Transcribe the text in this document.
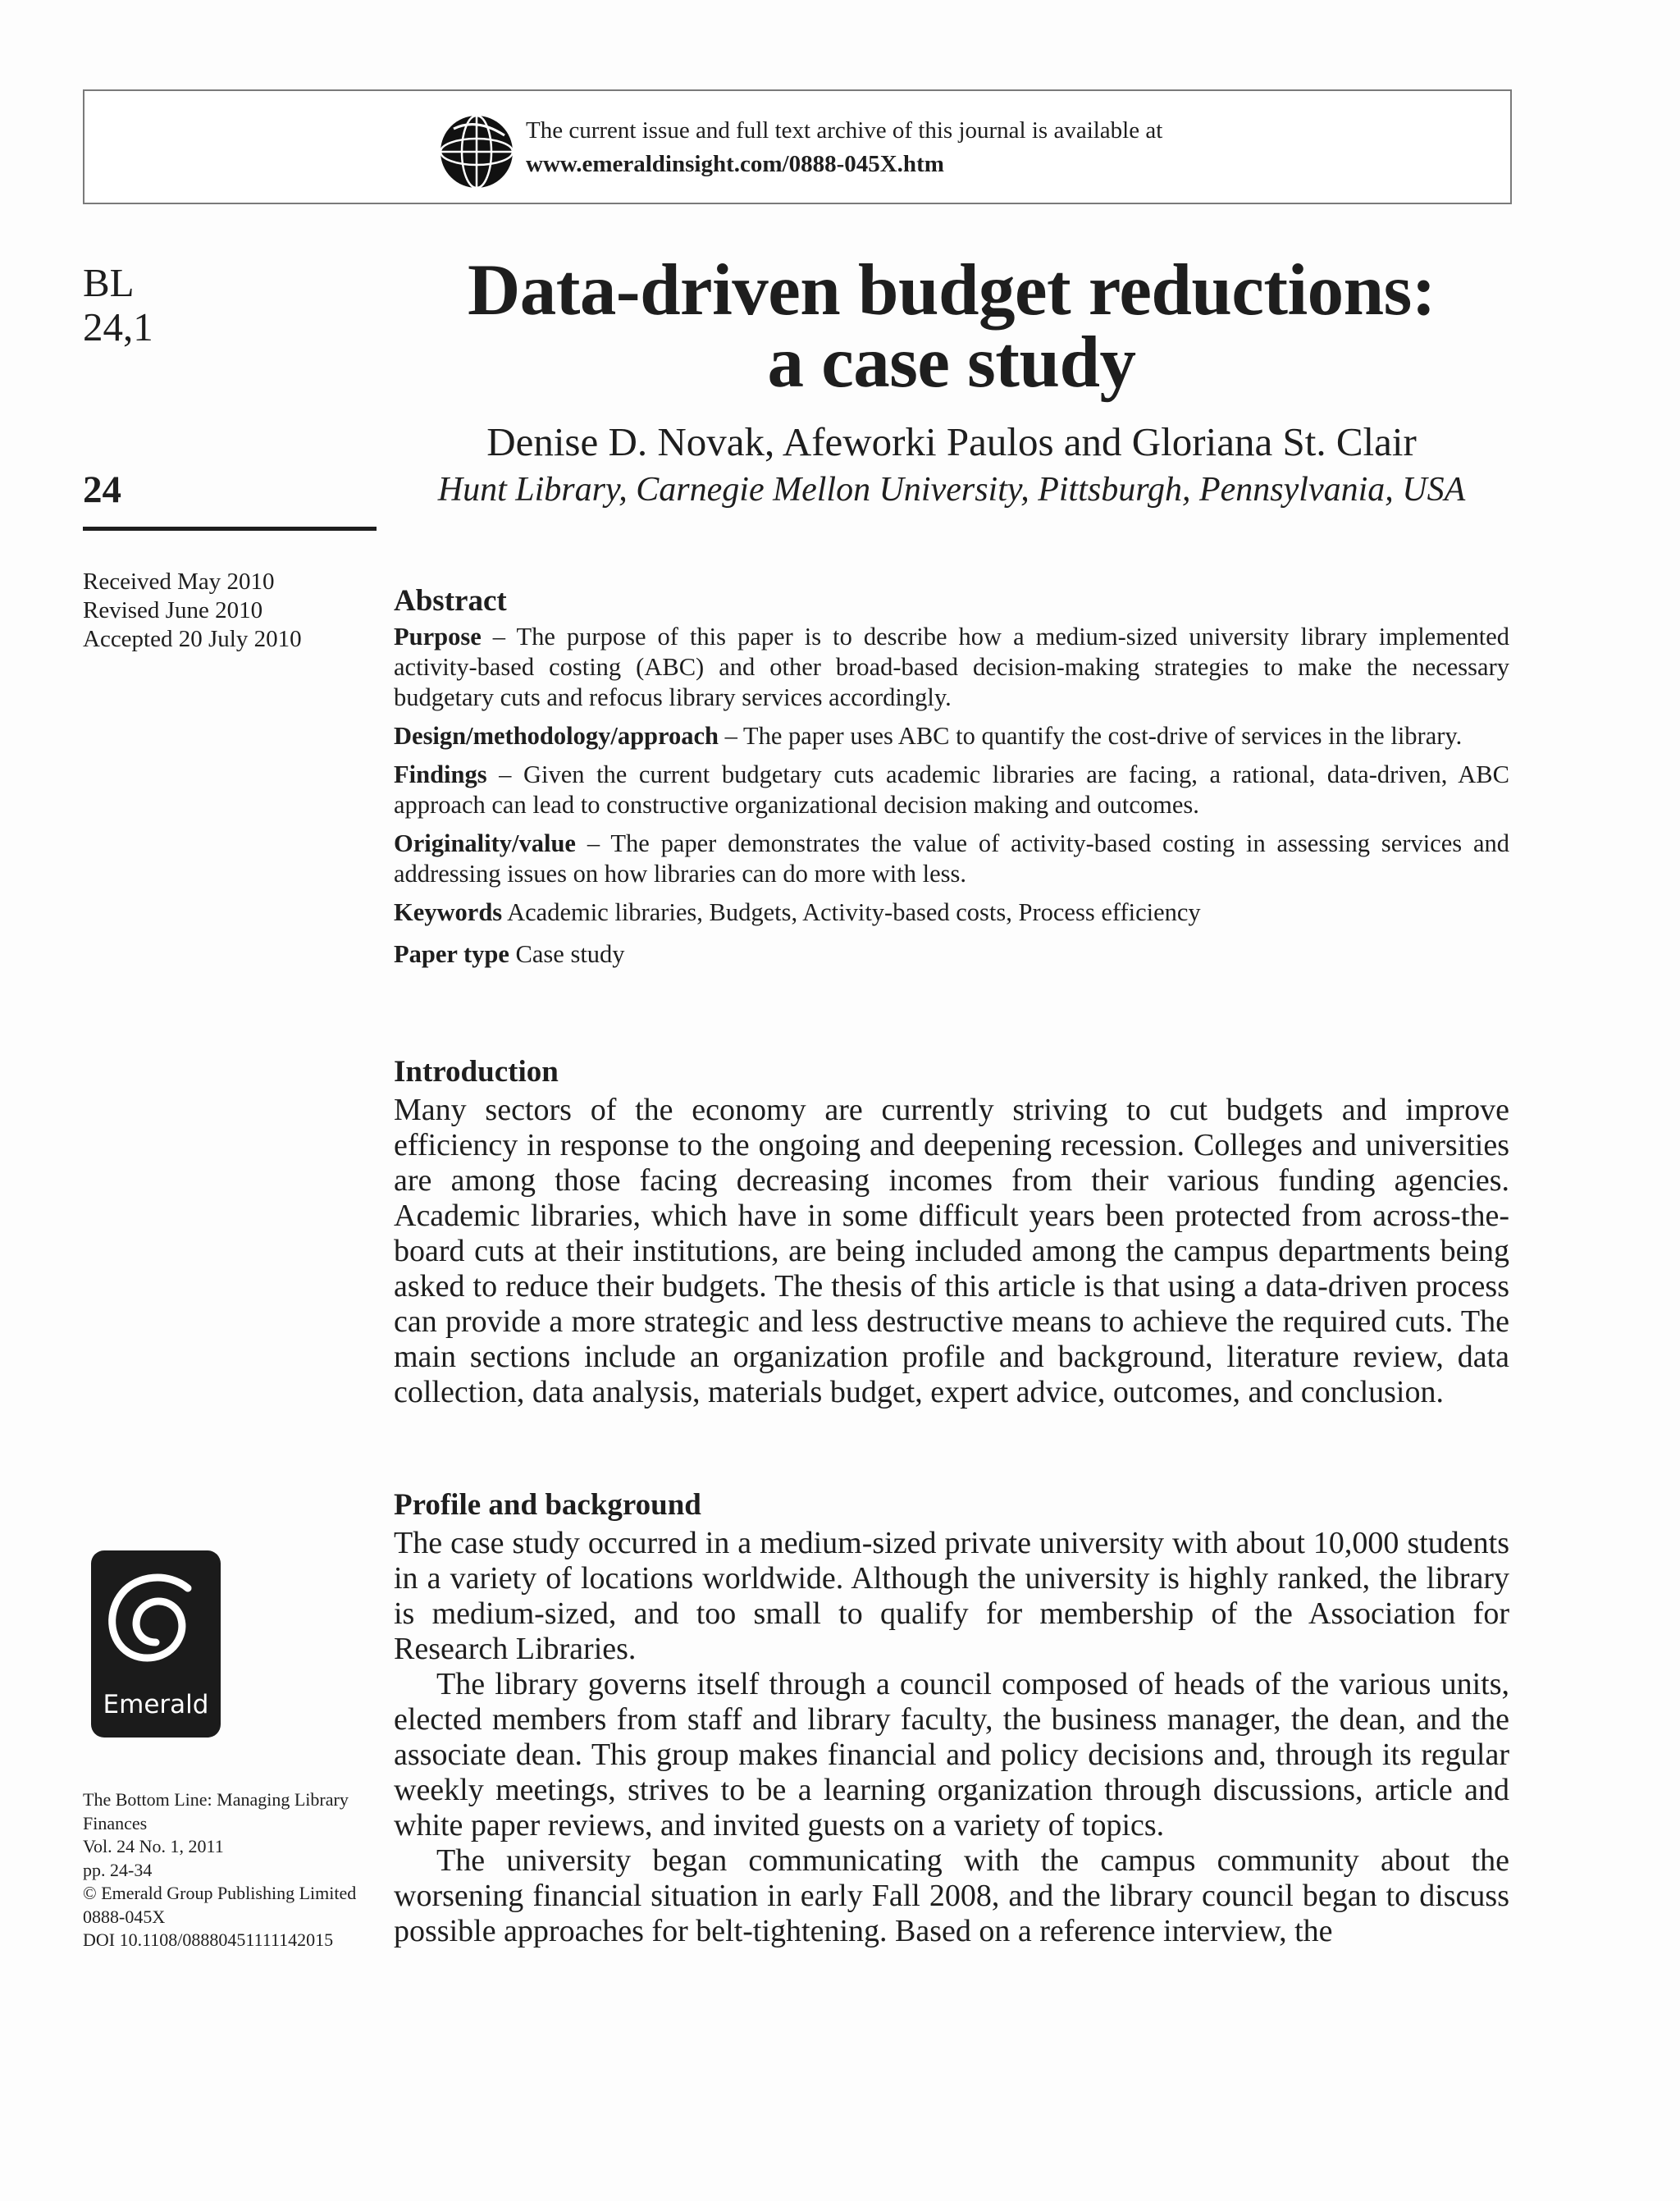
The current issue and full text archive of this journal is available at
www.emeraldinsight.com/0888-045X.htm
BL
24,1
24
Received May 2010
Revised June 2010
Accepted 20 July 2010
Emerald
The Bottom Line: Managing Library Finances
Vol. 24 No. 1, 2011
pp. 24-34
© Emerald Group Publishing Limited
0888-045X
DOI 10.1108/08880451111142015
Data-driven budget reductions:
a case study
Denise D. Novak, Afeworki Paulos and Gloriana St. Clair
Hunt Library, Carnegie Mellon University, Pittsburgh, Pennsylvania, USA
Abstract

Purpose – The purpose of this paper is to describe how a medium-sized university library implemented activity-based costing (ABC) and other broad-based decision-making strategies to make the necessary budgetary cuts and refocus library services accordingly.

Design/methodology/approach – The paper uses ABC to quantify the cost-drive of services in the library.

Findings – Given the current budgetary cuts academic libraries are facing, a rational, data-driven, ABC approach can lead to constructive organizational decision making and outcomes.

Originality/value – The paper demonstrates the value of activity-based costing in assessing services and addressing issues on how libraries can do more with less.

Keywords Academic libraries, Budgets, Activity-based costs, Process efficiency

Paper type Case study

Introduction

Many sectors of the economy are currently striving to cut budgets and improve efficiency in response to the ongoing and deepening recession. Colleges and universities are among those facing decreasing incomes from their various funding agencies. Academic libraries, which have in some difficult years been protected from across-the-board cuts at their institutions, are being included among the campus departments being asked to reduce their budgets. The thesis of this article is that using a data-driven process can provide a more strategic and less destructive means to achieve the required cuts. The main sections include an organization profile and background, literature review, data collection, data analysis, materials budget, expert advice, outcomes, and conclusion.

Profile and background

The case study occurred in a medium-sized private university with about 10,000 students in a variety of locations worldwide. Although the university is highly ranked, the library is medium-sized, and too small to qualify for membership of the Association for Research Libraries.

The library governs itself through a council composed of heads of the various units, elected members from staff and library faculty, the business manager, the dean, and the associate dean. This group makes financial and policy decisions and, through its regular weekly meetings, strives to be a learning organization through discussions, article and white paper reviews, and invited guests on a variety of topics.

The university began communicating with the campus community about the worsening financial situation in early Fall 2008, and the library council began to discuss possible approaches for belt-tightening. Based on a reference interview, the
